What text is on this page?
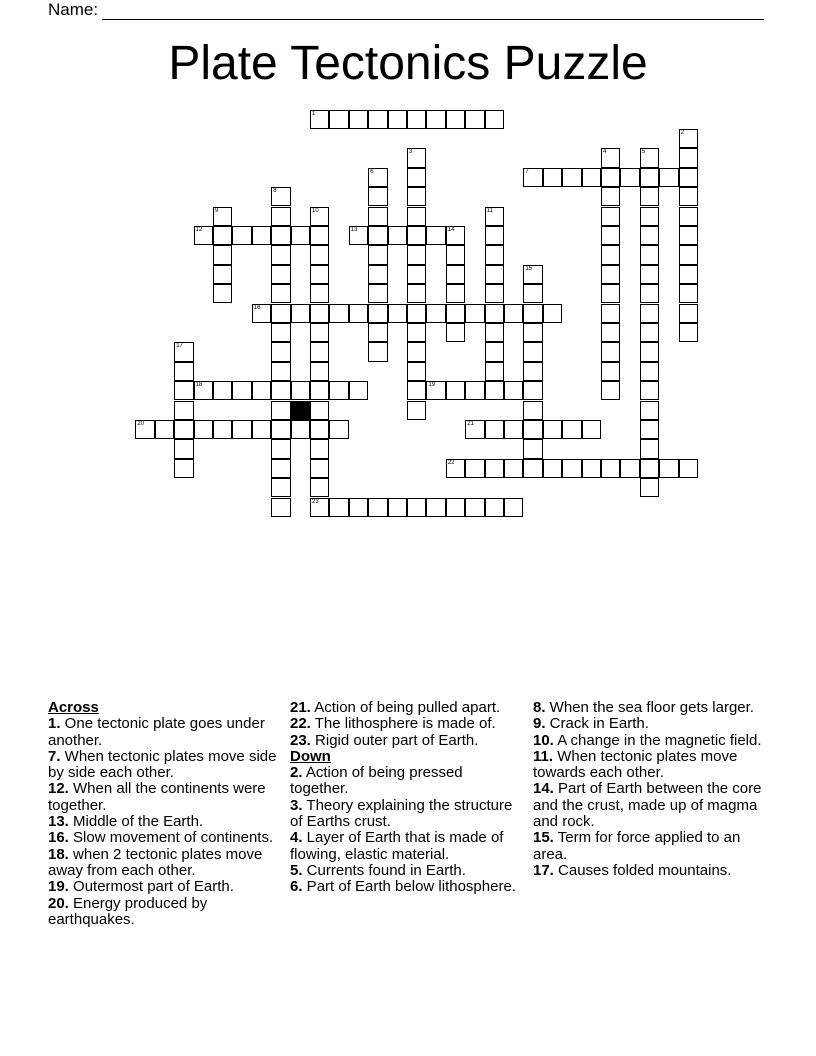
Name:
Plate Tectonics Puzzle
1
2
3	4	5
6	7
8
9	10	11
12	13	14
15
16
17
18	19
20	21
22
23
Across
1. One tectonic plate goes under another.
7. When tectonic plates move side by side each other.
12. When all the continents were together.
13. Middle of the Earth.
16. Slow movement of continents.
18. when 2 tectonic plates move away from each other.
19. Outermost part of Earth.
20. Energy produced by earthquakes.
21. Action of being pulled apart.
22. The lithosphere is made of.
23. Rigid outer part of Earth.
Down
2. Action of being pressed together.
3. Theory explaining the structure of Earths crust.
4. Layer of Earth that is made of flowing, elastic material.
5. Currents found in Earth.
6. Part of Earth below lithosphere.
8. When the sea floor gets larger.
9. Crack in Earth.
10. A change in the magnetic field.
11. When tectonic plates move towards each other.
14. Part of Earth between the core and the crust, made up of magma and rock.
15. Term for force applied to an area.
17. Causes folded mountains.
